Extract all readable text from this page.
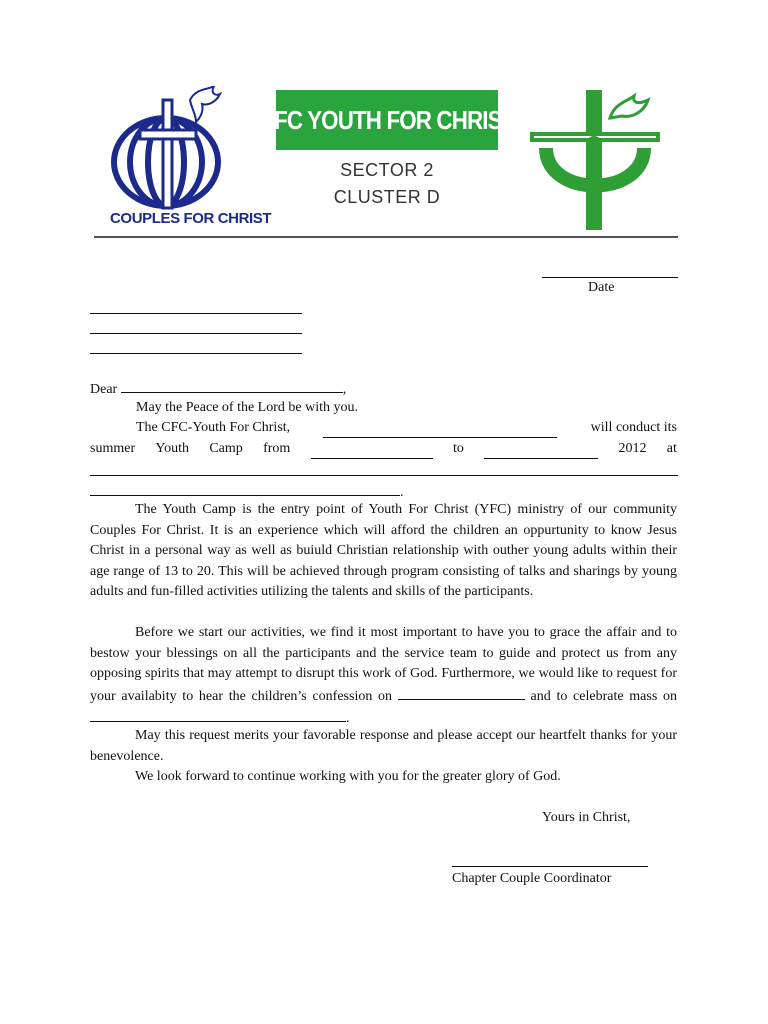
COUPLES FOR CHRIST
CFC YOUTH FOR CHRIST
SECTOR 2
CLUSTER D
Date
Dear	,
May the Peace of the Lord be with you.
The CFC-Youth For Christ,	will conduct its
summer Youth Camp from	to	2012 at
.
The Youth Camp is the entry point of Youth For Christ (YFC) ministry of our community Couples For Christ. It is an experience which will afford the children an oppurtunity to know Jesus Christ in a personal way as well as buiuld Christian relationship with outher young adults within their age range of 13 to 20. This will be achieved through program consisting of talks and sharings by young adults and fun-filled activities utilizing the talents and skills of the participants.
Before we start our activities, we find it most important to have you to grace the affair and to bestow your blessings on all the participants and the service team to guide and protect us from any opposing spirits that may attempt to disrupt this work of God. Furthermore, we would like to request for your availabity to hear the children’s confession on	and to celebrate mass on .
May this request merits your favorable response and please accept our heartfelt thanks for your benevolence.
We look forward to continue working with you for the greater glory of God.
Yours in Christ,
Chapter Couple Coordinator
